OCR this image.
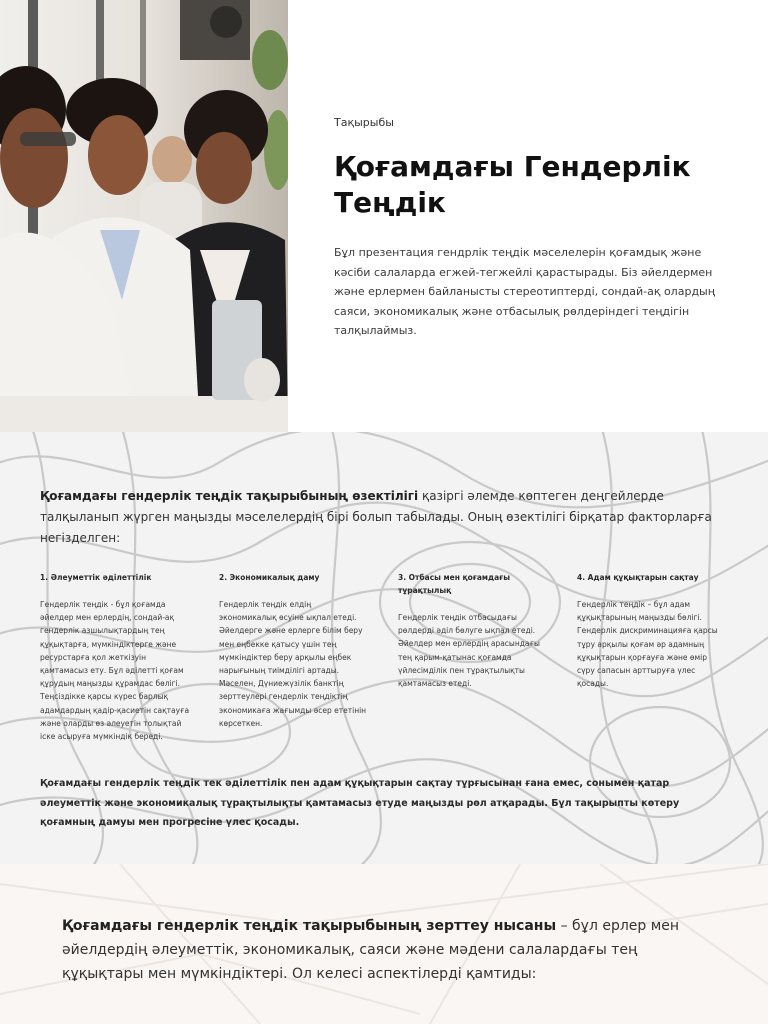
Тақырыбы

Қоғамдағы Гендерлік Теңдік

Бұл презентация гендрлік теңдік мәселелерін қоғамдық және кәсіби салаларда егжей-тегжейлі қарастырады. Біз әйелдермен және ерлермен байланысты стереотиптерді, сондай-ақ олардың саяси, экономикалық және отбасылық рөлдеріндегі теңдігін талқылаймыз.

Қоғамдағы гендерлік теңдік тақырыбының өзектілігі қазіргі әлемде көптеген деңгейлерде талқыланып жүрген маңызды мәселелердің бірі болып табылады. Оның өзектілігі бірқатар факторларға негізделген:

1. Әлеуметтік әділеттілік

Гендерлік теңдік - бұл қоғамда әйелдер мен ерлердің, сондай-ақ гендерлік азшылықтардың тең құқықтарға, мүмкіндіктерге және ресурстарға қол жеткізуін қамтамасыз ету. Бұл әділетті қоғам құрудың маңызды құрамдас бөлігі. Теңсіздікке қарсы күрес барлық адамдардың қадір-қасиетін сақтауға және оларды өз әлеуетін толықтай іске асыруға мүмкіндік береді.

2. Экономикалық даму

Гендерлік теңдік елдің экономикалық өсуіне ықпал етеді. Әйелдерге және ерлерге білім беру мен еңбекке қатысу үшін тең мүмкіндіктер беру арқылы еңбек нарығының тиімділігі артады. Мәселен, Дүниежүзілік банктің зерттеулері гендерлік теңдіктің экономикаға жағымды әсер ететінін көрсеткен.

3. Отбасы мен қоғамдағы тұрақтылық

Гендерлік теңдік отбасыдағы рөлдерді әділ бөлуге ықпал етеді. Әйелдер мен ерлердің арасындағы тең қарым-қатынас қоғамда үйлесімділік пен тұрақтылықты қамтамасыз етеді.

4. Адам құқықтарын сақтау

Гендерлік теңдік – бұл адам құқықтарының маңызды бөлігі. Гендерлік дискриминацияға қарсы тұру арқылы қоғам әр адамның құқықтарын қорғауға және өмір сүру сапасын арттыруға үлес қосады.

Қоғамдағы гендерлік теңдік тек әділеттілік пен адам құқықтарын сақтау тұрғысынан ғана емес, сонымен қатар әлеуметтік және экономикалық тұрақтылықты қамтамасыз етуде маңызды рөл атқарады. Бұл тақырыпты көтеру қоғамның дамуы мен прогресіне үлес қосады.

Қоғамдағы гендерлік теңдік тақырыбының зерттеу нысаны – бұл ерлер мен әйелдердің әлеуметтік, экономикалық, саяси және мәдени салалардағы тең құқықтары мен мүмкіндіктері. Ол келесі аспектілерді қамтиды:
